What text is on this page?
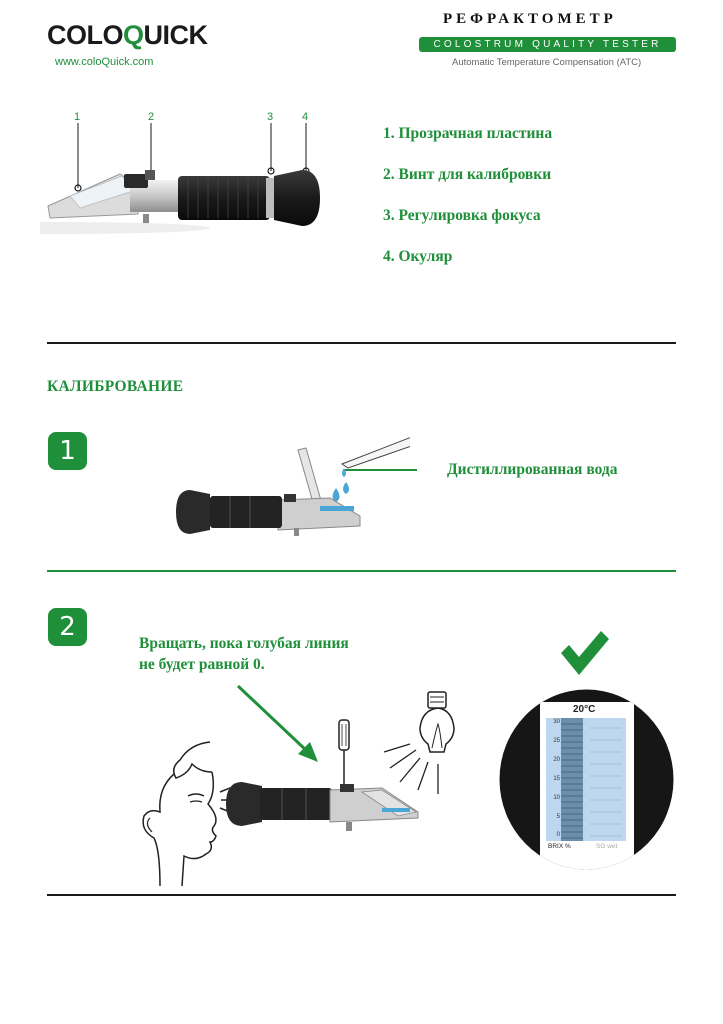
COLOQUICK
www.coloQuick.com
РЕФРАКТОМЕТР
COLOSTRUM QUALITY TESTER
Automatic Temperature Compensation (ATC)
1	2	3	4
1. Прозрачная пластина
2. Винт для калибровки
3. Регулировка фокуса
4. Окуляр
КАЛИБРОВАНИЕ
1
Дистиллированная вода
2
Вращать, пока голубая линия
не будет равной 0.
20°C
30
25
20
15
10
5
0
BRIX %	SG wet
